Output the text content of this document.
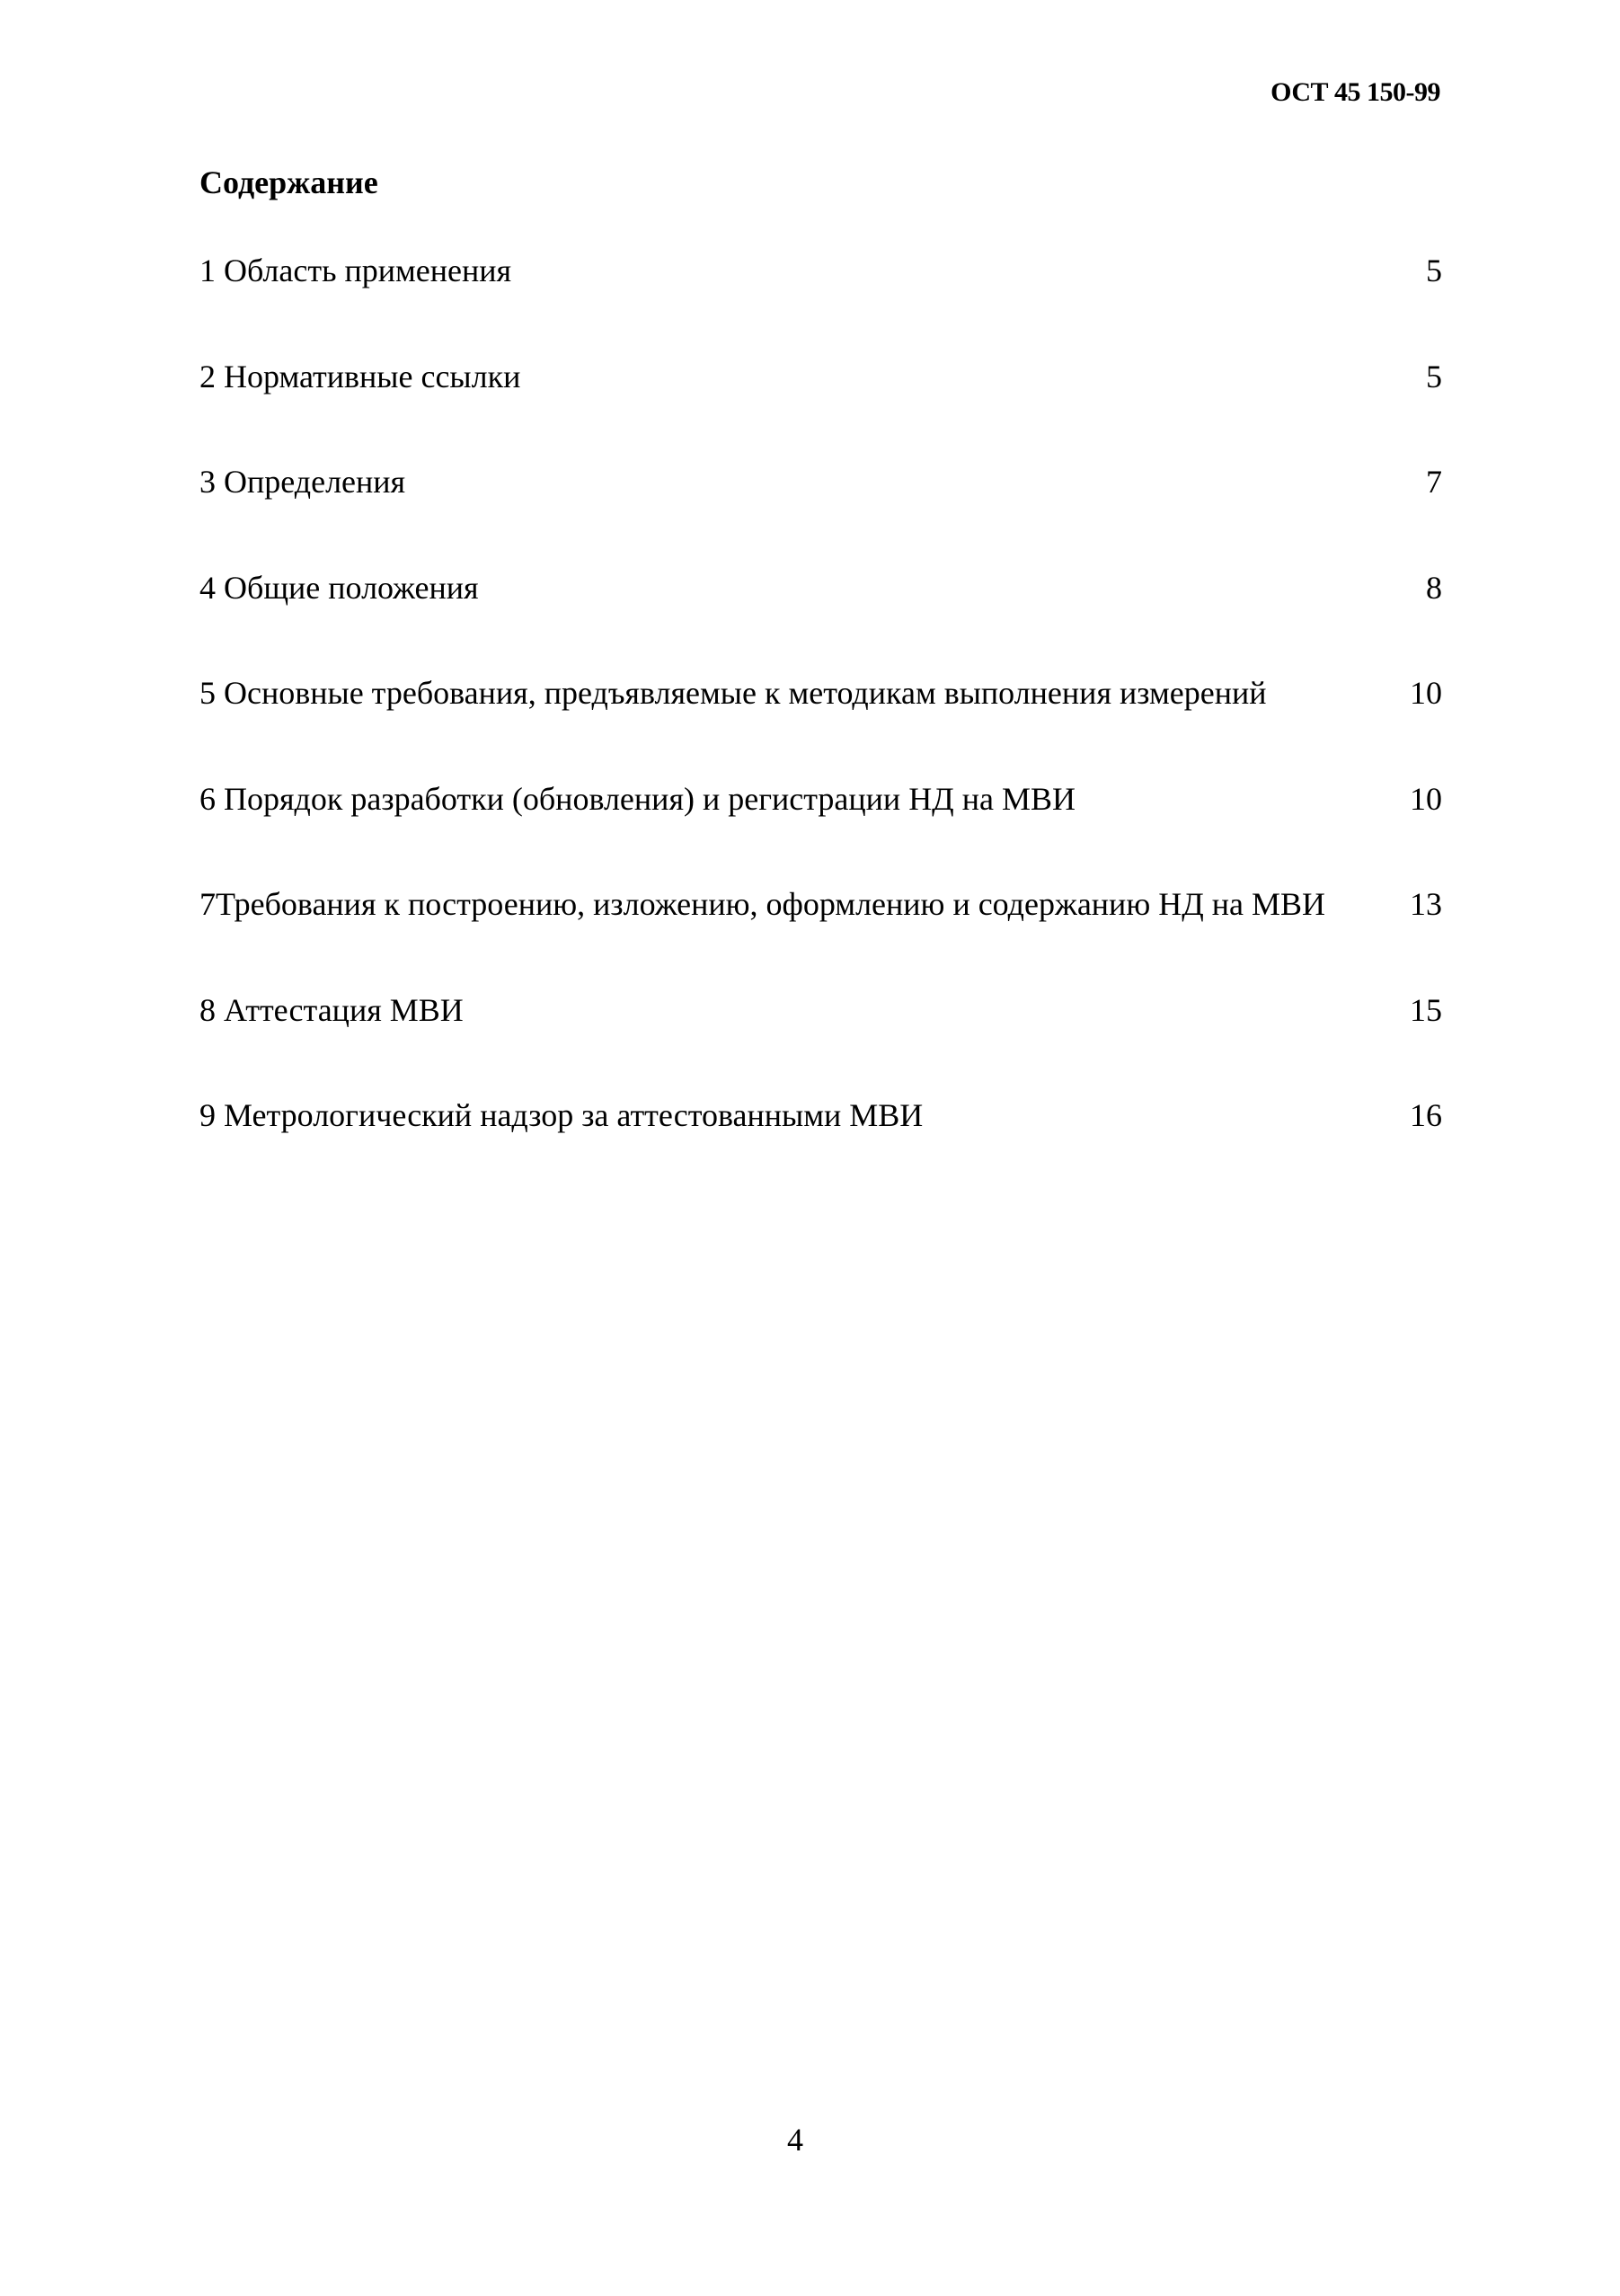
ОСТ 45 150-99
Содержание
1 Область применения	5
2 Нормативные ссылки	5
3 Определения	7
4 Общие положения	8
5 Основные требования, предъявляемые к методикам выполнения измерений	10
6 Порядок разработки (обновления) и регистрации НД на МВИ	10
7Требования к построению, изложению, оформлению и содержанию НД на МВИ	13
8 Аттестация МВИ	15
9 Метрологический надзор за аттестованными МВИ	16
4
